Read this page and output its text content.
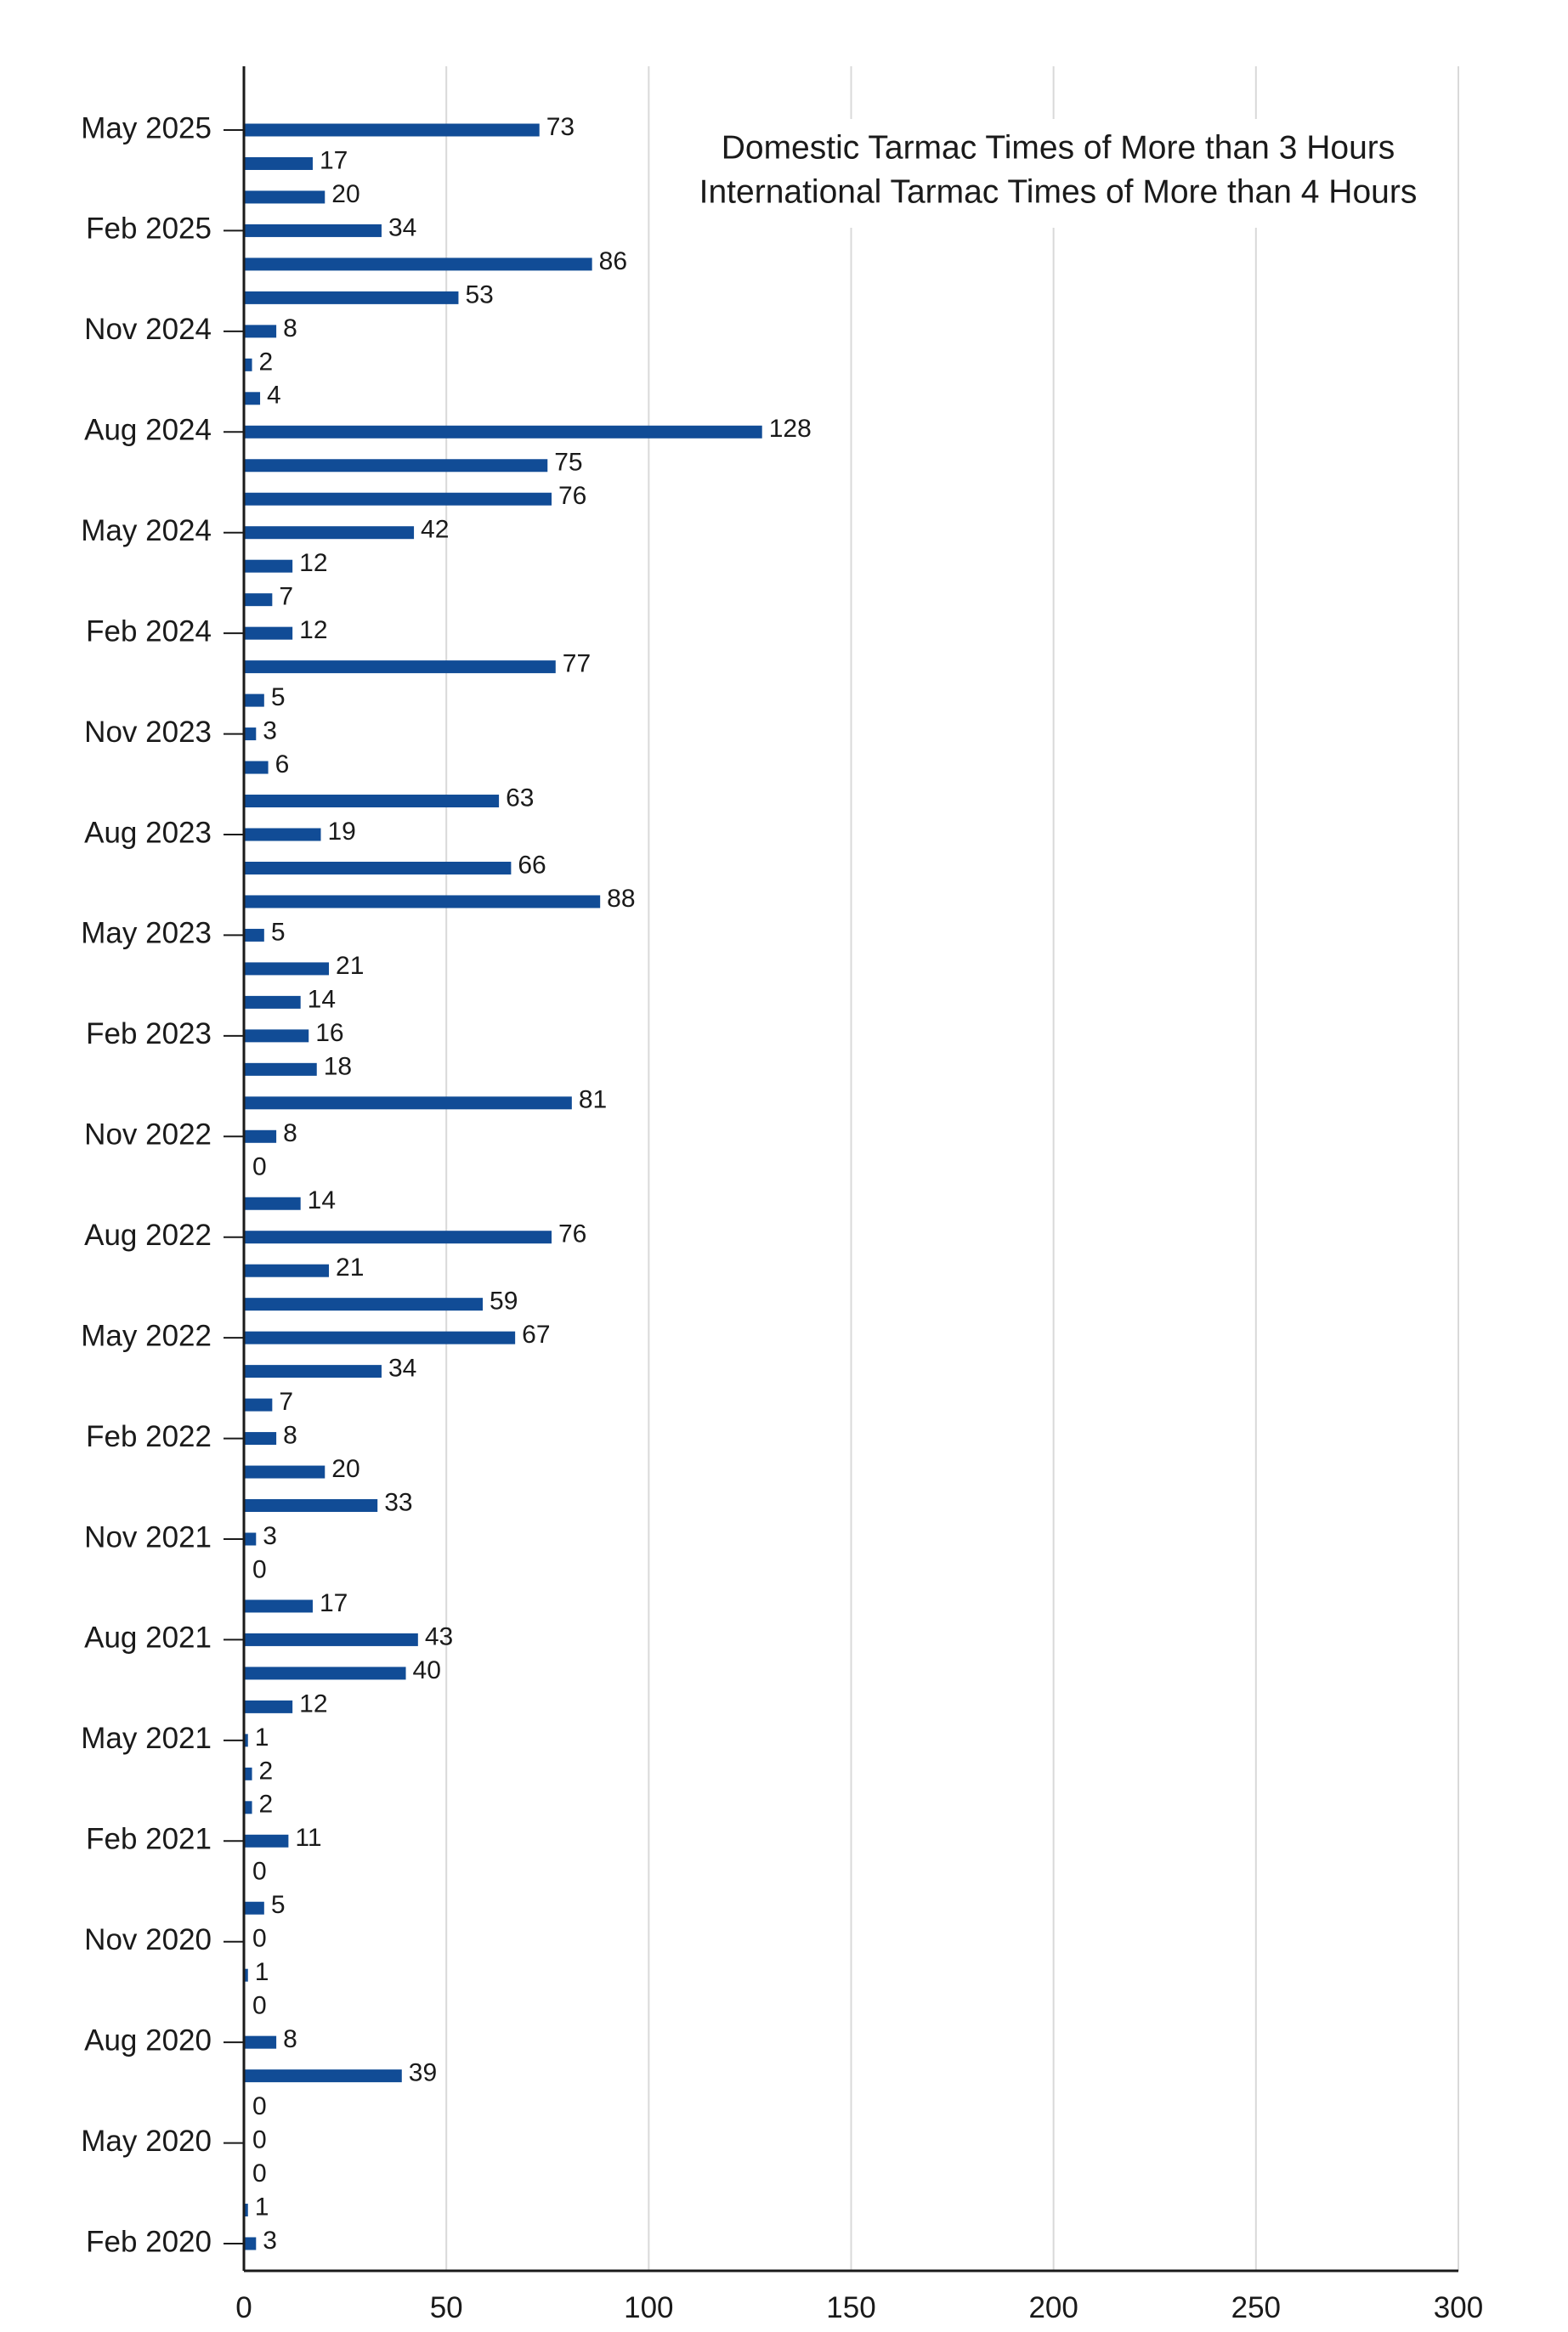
3
1
0
0
0
39
8
0
1
0
5
0
11
2
2
1
12
40
43
17
0
3
33
20
8
7
34
67
59
21
76
14
0
8
81
18
16
14
21
5
88
66
19
63
6
3
5
77
12
7
12
42
76
75
128
4
2
8
53
86
34
20
17
73
0	50	100	150	200	250	300
Feb 2020
May 2020
Aug 2020
Nov 2020
Feb 2021
May 2021
Aug 2021
Nov 2021
Feb 2022
May 2022
Aug 2022
Nov 2022
Feb 2023
May 2023
Aug 2023
Nov 2023
Feb 2024
May 2024
Aug 2024
Nov 2024
Feb 2025
May 2025
Domestic Tarmac Times of More than 3 Hours
International Tarmac Times of More than 4 Hours
